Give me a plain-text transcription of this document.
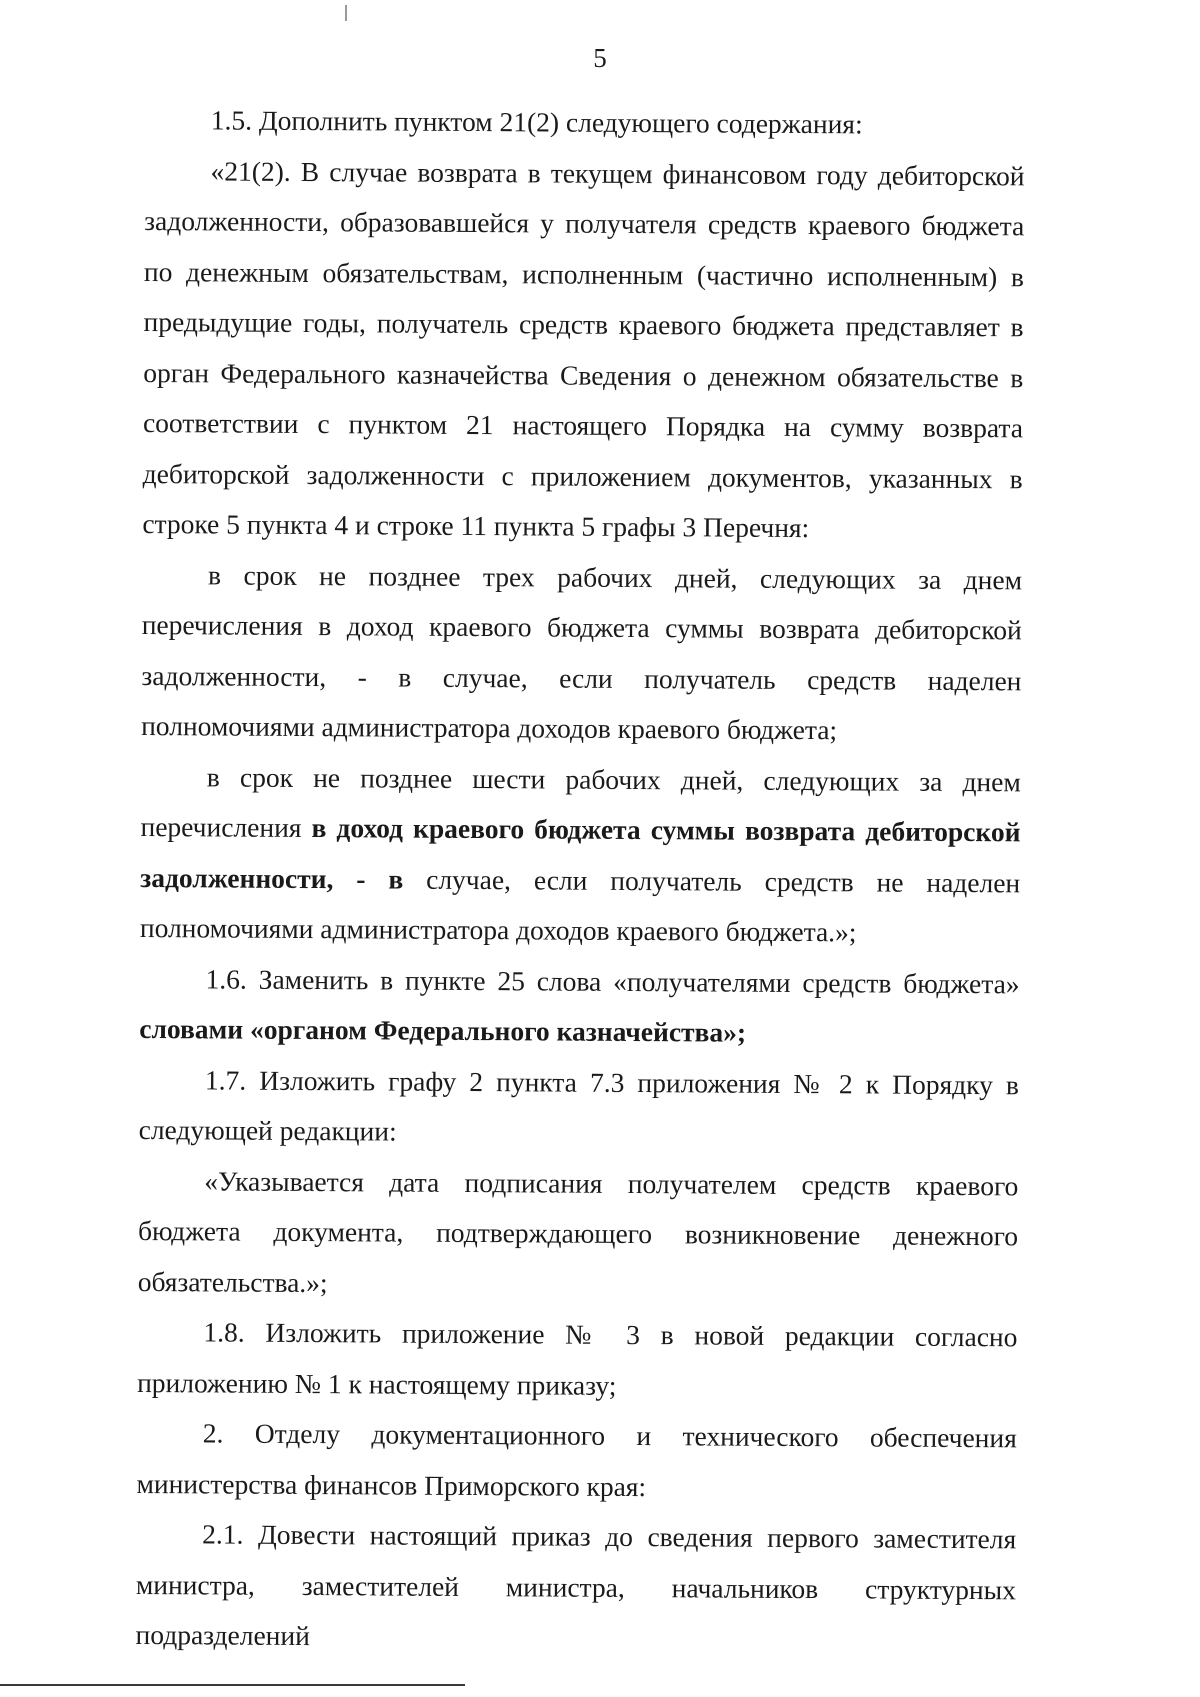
5

1.5. Дополнить пунктом 21(2) следующего содержания:

«21(2). В случае возврата в текущем финансовом году дебиторской задолженности, образовавшейся у получателя средств краевого бюджета по денежным обязательствам, исполненным (частично исполненным) в предыдущие годы, получатель средств краевого бюджета представляет в орган Федерального казначейства Сведения о денежном обязательстве в соответствии с пунктом 21 настоящего Порядка на сумму возврата дебиторской задолженности с приложением документов, указанных в строке 5 пункта 4 и строке 11 пункта 5 графы 3 Перечня:

в срок не позднее трех рабочих дней, следующих за днем перечисления в доход краевого бюджета суммы возврата дебиторской задолженности, - в случае, если получатель средств наделен полномочиями администратора доходов краевого бюджета;

в срок не позднее шести рабочих дней, следующих за днем перечисления в доход краевого бюджета суммы возврата дебиторской задолженности, - в случае, если получатель средств не наделен полномочиями администратора доходов краевого бюджета.»;

1.6. Заменить в пункте 25 слова «получателями средств бюджета» словами «органом Федерального казначейства»;

1.7. Изложить графу 2 пункта 7.3 приложения № 2 к Порядку в следующей редакции:

«Указывается дата подписания получателем средств краевого бюджета документа, подтверждающего возникновение денежного обязательства.»;

1.8. Изложить приложение № 3 в новой редакции согласно приложению № 1 к настоящему приказу;

2. Отделу документационного и технического обеспечения министерства финансов Приморского края:

2.1. Довести настоящий приказ до сведения первого заместителя министра, заместителей министра, начальников структурных подразделений
